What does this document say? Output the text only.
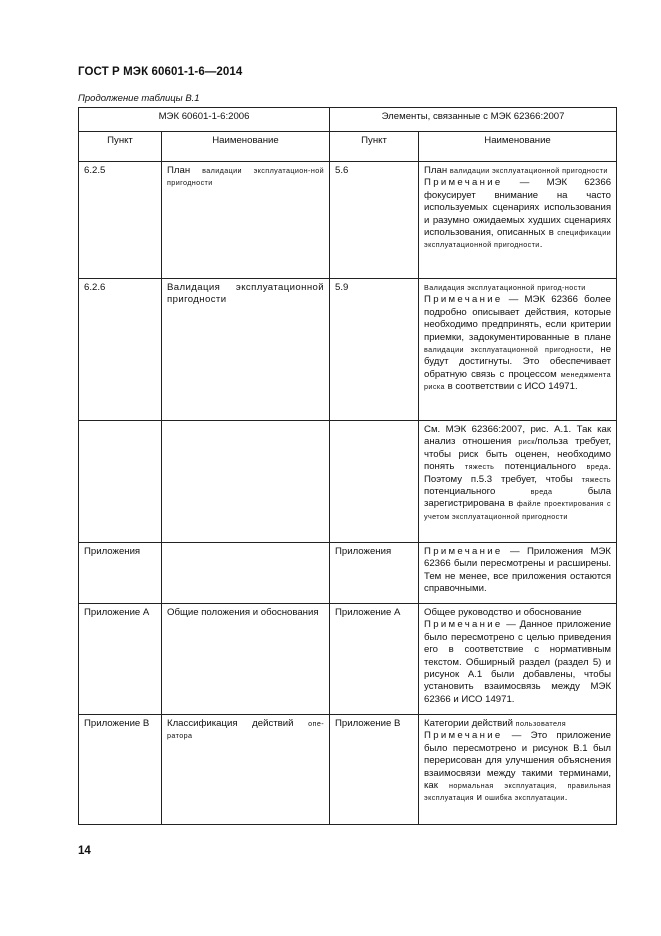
ГОСТ Р МЭК 60601-1-6—2014
Продолжение таблицы В.1
МЭК 60601-1-6:2006		Элементы, связанные с МЭК 62366:2007	
Пункт	Наименование	Пункт	Наименование
6.2.5	План валидации эксплуатацион-ной пригодности	5.6	План валидации эксплуатационной пригодности
Примечание — МЭК 62366 фокусирует внимание на часто используемых сценариях использования и разумно ожидаемых худших сценариях использования, описанных в спецификации эксплуатационной пригодности.

6.2.6	Валидация эксплуатационной пригодности	5.9	Валидация эксплуатационной пригод-ности
Примечание — МЭК 62366 более подробно описывает действия, которые необходимо предпринять, если критерии приемки, задокументированные в плане валидации эксплуатационной пригодности, не будут достигнуты. Это обеспечивает обратную связь с процессом менеджмента риска в соответствии с ИСО 14971.

			См. МЭК 62366:2007, рис. А.1. Так как анализ отношения риск/польза требует, чтобы риск быть оценен, необходимо понять тяжесть потенциального вреда. Поэтому п.5.3 требует, чтобы тяжесть потенциального вреда была зарегистрирована в файле проектирования с учетом эксплуатационной пригодности
Приложения		Приложения	Примечание — Приложения МЭК 62366 были пересмотрены и расширены. Тем не менее, все приложения остаются справочными.
Приложение А	Общие положения и обоснования	Приложение А	Общее руководство и обоснование
Примечание — Данное приложение было пересмотрено с целью приведения его в соответствие с нормативным текстом. Обширный раздел (раздел 5) и рисунок А.1 были добавлены, чтобы установить взаимосвязь между МЭК 62366 и ИСО 14971.

Приложение В	Классификация действий опе-ратора	Приложение В	Категории действий пользователя
Примечание — Это приложение было пересмотрено и рисунок В.1 был перерисован для улучшения объяснения взаимосвязи между такими терминами, как нормальная эксплуатация, правильная эксплуатация и ошибка эксплуатации.
14
